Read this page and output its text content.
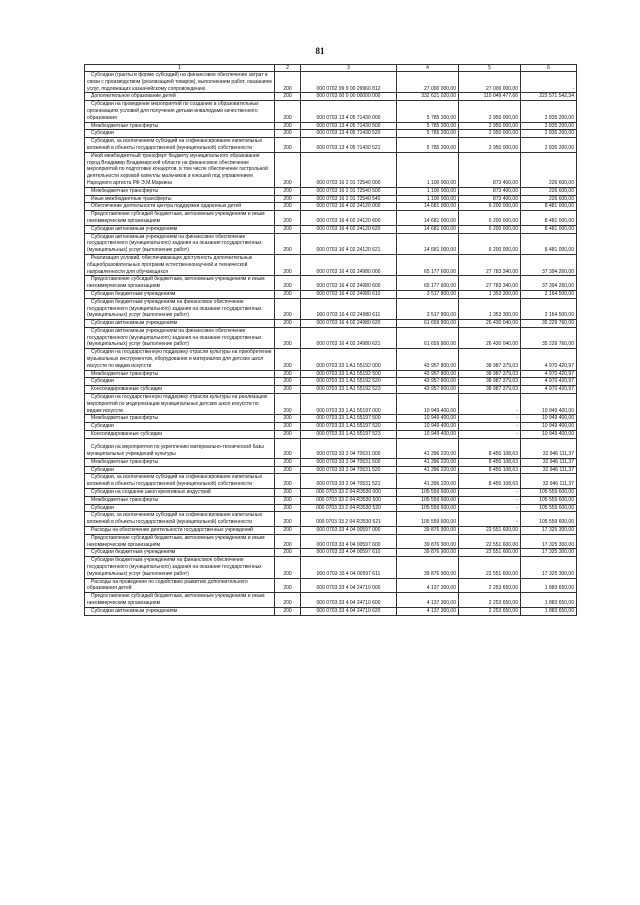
81
1	2	3	4	5	6
Субсидии (гранты в форме субсидий) на финансовое обеспечение затрат в связи с производством (реализацией товаров), выполнением работ, оказанием услуг, подлежащих казначейскому сопровождению	200	000 0702 99 9 00 29960 812	27 000 000,00	27 000 000,00	-
Дополнительное образование детей	200	000 0703 00 0 00 00000 000	332 621 020,00	110 049 477,66	222 571 542,34
Субсидии на проведение мероприятий по созданию в образовательных организациях условий для получения детьми-инвалидами качественного образования	200	000 0703 13 4 05 71430 000	5 785 200,00	2 950 000,00	2 835 200,00
Межбюджетные трансферты	200	000 0703 13 4 05 71430 500	5 785 200,00	2 950 000,00	2 835 200,00
Субсидии	200	000 0703 13 4 05 71430 520	5 785 200,00	2 950 000,00	2 835 200,00
Субсидии, за исключением субсидий на софинансирование капитальных вложений в объекты государственной (муниципальной) собственности	200	000 0703 13 4 05 71430 521	5 785 200,00	2 950 000,00	2 835 200,00
Иной межбюджетный трансферт бюджету муниципального образования город Владимир Владимирской области на финансовое обеспечение мероприятий по подготовке концертов, в том числе обеспечение гастрольной деятельности хоровой капеллы мальчиков и юношей под управлением Народного артиста РФ Э.М.Маркина	200	000 0703 16 2 01 72540 000	1 100 000,00	873 400,00	226 600,00
Межбюджетные трансферты	200	000 0703 16 2 01 72540 500	1 100 000,00	873 400,00	226 600,00
Иные межбюджетные трансферты	200	000 0703 16 2 01 72540 540	1 100 000,00	873 400,00	226 600,00
Обеспечение деятельности центра поддержки одаренных детей	200	000 0703 16 4 02 24120 000	14 681 000,00	6 200 000,00	8 481 000,00
Предоставление субсидий бюджетным, автономным учреждениям и иным некоммерческим организациям	200	000 0703 16 4 02 24120 600	14 681 000,00	6 200 000,00	8 481 000,00
Субсидии автономным учреждениям	200	000 0703 16 4 02 24120 620	14 681 000,00	6 200 000,00	8 481 000,00
Субсидии автономным учреждениям на финансовое обеспечение государственного (муниципального) задания на оказание государственных (муниципальных) услуг (выполнение работ)	200	000 0703 16 4 02 24120 621	14 681 000,00	6 200 000,00	8 481 000,00
Реализация условий, обеспечивающих доступность дополнительных общеобразовательных программ естественнонаучной и технической направленности для обучающихся	200	000 0703 16 4 02 24980 000	65 177 600,00	27 783 340,00	37 394 260,00
Предоставление субсидий бюджетным, автономным учреждениям и иным некоммерческим организациям	200	000 0703 16 4 02 24980 600	65 177 600,00	27 783 340,00	37 394 260,00
Субсидии бюджетным учреждениям	200	000 0703 16 4 02 24980 610	3 517 800,00	1 353 300,00	2 164 500,00
Субсидии бюджетным учреждениям на финансовое обеспечение государственного (муниципального) задания на оказание государственных (муниципальных) услуг (выполнение работ)	200	000 0703 16 4 02 24980 611	3 517 800,00	1 353 300,00	2 164 500,00
Субсидии автономным учреждениям	200	000 0703 16 4 02 24980 620	61 659 800,00	26 430 040,00	35 229 760,00
Субсидии автономным учреждениям на финансовое обеспечение государственного (муниципального) задания на оказание государственных (муниципальных) услуг (выполнение работ)	200	000 0703 16 4 02 24980 621	61 659 800,00	26 430 040,00	35 229 760,00
Субсидии на государственную поддержку отрасли культуры на приобретение музыкальных инструментов, оборудования и материалов для детских школ искусств по видам искусств	200	000 0703 33 1 A1 55192 000	43 957 800,00	38 987 379,03	4 970 420,97
Межбюджетные трансферты	200	000 0703 33 1 A1 55192 500	43 957 800,00	38 987 379,03	4 970 420,97
Субсидии	200	000 0703 33 1 A1 55192 520	43 957 800,00	38 987 379,03	4 970 420,97
Консолидированные субсидии	200	000 0703 33 1 A1 55192 523	43 957 800,00	38 987 379,03	4 970 420,97
Субсидии на государственную поддержку отрасли культуры на реализацию мероприятий по модернизации муниципальных детских школ искусств по видам искусств	200	000 0703 33 1 A1 55197 000	10 949 400,00	-	10 949 400,00
Межбюджетные трансферты	200	000 0703 33 1 A1 55197 500	10 949 400,00	-	10 949 400,00
Субсидии	200	000 0703 33 1 A1 55197 520	10 949 400,00	-	10 949 400,00
Консолидированные субсидии	200	000 0703 33 1 A1 55197 523	10 949 400,00	-	10 949 400,00
Субсидии на мероприятия по укреплению материально-технической базы муниципальных учреждений культуры	200	000 0703 33 2 04 70531 000	41 396 220,00	8 450 108,63	32 946 111,37
Межбюджетные трансферты	200	000 0703 33 2 04 70531 500	41 396 220,00	8 450 108,63	32 946 111,37
Субсидии	200	000 0703 33 2 04 70531 520	41 396 220,00	8 450 108,63	32 946 111,37
Субсидии, за исключением субсидий на софинансирование капитальных вложений в объекты государственной (муниципальной) собственности	200	000 0703 33 2 04 70531 521	41 396 220,00	8 450 108,63	32 946 111,37
Субсидии на создание школ креативных индустрий	200	000 0703 33 2 04 R3530 000	105 559 600,00	-	105 559 600,00
Межбюджетные трансферты	200	000 0703 33 2 04 R3530 500	105 559 600,00	-	105 559 600,00
Субсидии	200	000 0703 33 2 04 R3530 520	105 559 600,00	-	105 559 600,00
Субсидии, за исключением субсидий на софинансирование капитальных вложений в объекты государственной (муниципальной) собственности	200	000 0703 33 2 04 R3530 521	105 559 600,00	-	105 559 600,00
Расходы на обеспечение деятельности государственных учреждений	200	000 0703 33 4 04 00597 000	39 876 900,00	22 551 600,00	17 325 300,00
Предоставление субсидий бюджетным, автономным учреждениям и иным некоммерческим организациям	200	000 0703 33 4 04 00597 600	39 876 900,00	22 551 600,00	17 325 300,00
Субсидии бюджетным учреждениям	200	000 0703 33 4 04 00597 610	39 876 900,00	22 551 600,00	17 325 300,00
Субсидии бюджетным учреждениям на финансовое обеспечение государственного (муниципального) задания на оказание государственных (муниципальных) услуг (выполнение работ)	200	000 0703 33 4 04 00597 611	39 876 900,00	22 551 600,00	17 325 300,00
Расходы на проведение по содействию развитию дополнительного образования детей	200	000 0703 33 4 04 24710 000	4 137 300,00	2 253 650,00	1 883 650,00
Предоставление субсидий бюджетным, автономным учреждениям и иным некоммерческим организациям	200	000 0703 33 4 04 24710 600	4 137 300,00	2 253 650,00	1 883 650,00
Субсидии автономным учреждениям	200	000 0703 33 4 04 24710 620	4 137 300,00	2 253 650,00	1 883 650,00
